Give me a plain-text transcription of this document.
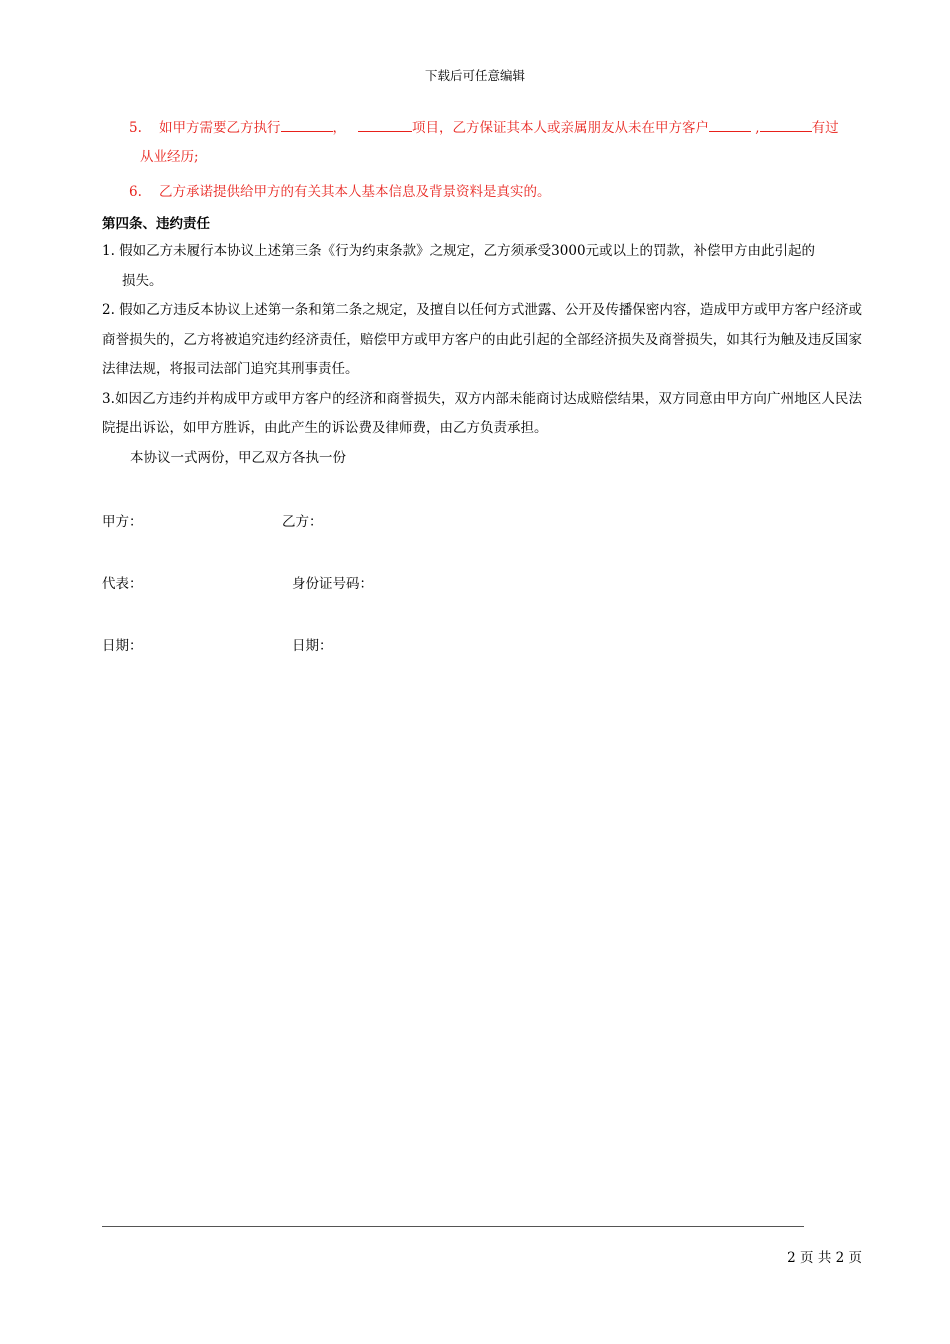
下载后可任意编辑
5. 如甲方需要乙方执行	，	项目，乙方保证其本人或亲属朋友从未在甲方客户	,	有过
从业经历;
6. 乙方承诺提供给甲方的有关其本人基本信息及背景资料是真实的。
第四条、违约责任
1. 假如乙方未履行本协议上述第三条《行为约束条款》之规定，乙方须承受3000元或以上的罚款，补偿甲方由此引起的
损失。
2. 假如乙方违反本协议上述第一条和第二条之规定，及擅自以任何方式泄露、公开及传播保密内容，造成甲方或甲方客户经济或商誉损失的，乙方将被追究违约经济责任，赔偿甲方或甲方客户的由此引起的全部经济损失及商誉损失，如其行为触及违反国家法律法规，将报司法部门追究其刑事责任。
3.如因乙方违约并构成甲方或甲方客户的经济和商誉损失，双方内部未能商讨达成赔偿结果，双方同意由甲方向广州地区人民法院提出诉讼，如甲方胜诉，由此产生的诉讼费及律师费，由乙方负责承担。
本协议一式两份，甲乙双方各执一份
甲方：	乙方：
代表：	身份证号码：
日期：	日期：
2 页 共 2 页
